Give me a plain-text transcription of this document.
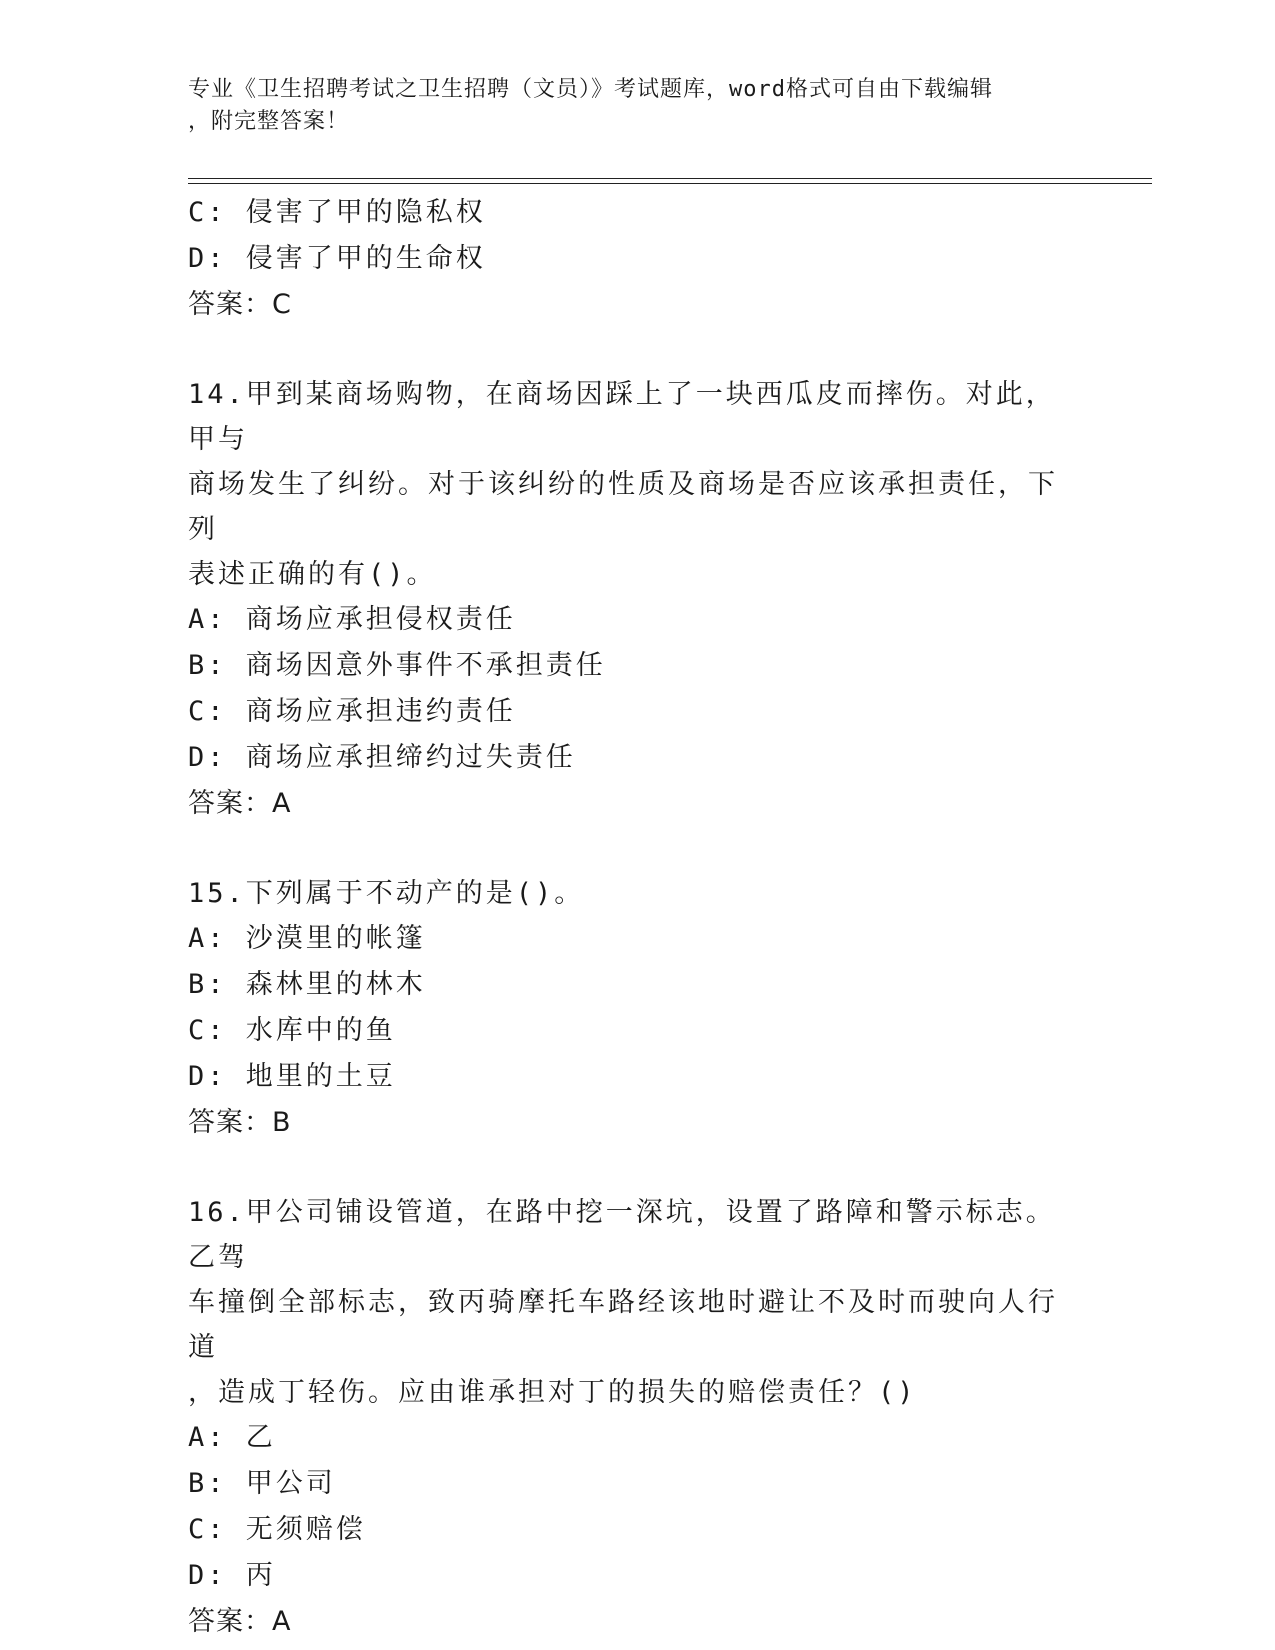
专业《卫生招聘考试之卫生招聘（文员）》考试题库，word格式可自由下载编辑
，附完整答案！
C: 侵害了甲的隐私权
D: 侵害了甲的生命权
答案：C
14.甲到某商场购物，在商场因踩上了一块西瓜皮而摔伤。对此，甲与
商场发生了纠纷。对于该纠纷的性质及商场是否应该承担责任，下列
表述正确的有()。
A: 商场应承担侵权责任
B: 商场因意外事件不承担责任
C: 商场应承担违约责任
D: 商场应承担缔约过失责任
答案：A
15.下列属于不动产的是()。
A: 沙漠里的帐篷
B: 森林里的林木
C: 水库中的鱼
D: 地里的土豆
答案：B
16.甲公司铺设管道，在路中挖一深坑，设置了路障和警示标志。乙驾
车撞倒全部标志，致丙骑摩托车路经该地时避让不及时而驶向人行道
，造成丁轻伤。应由谁承担对丁的损失的赔偿责任？()
A: 乙
B: 甲公司
C: 无须赔偿
D: 丙
答案：A
